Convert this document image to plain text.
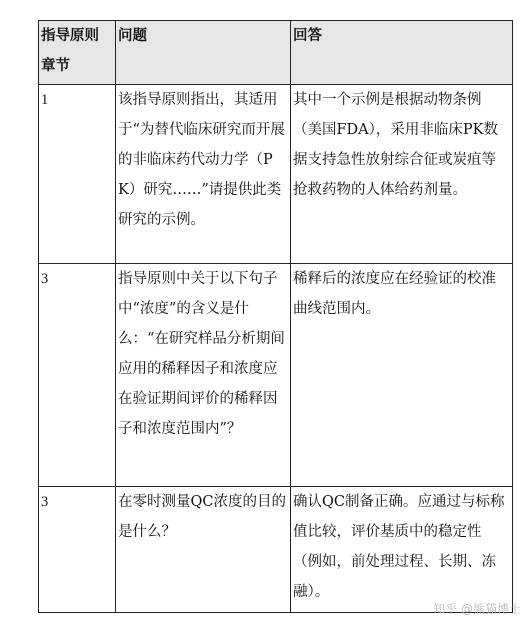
指导原则章节	问题	回答
1	该指导原则指出，其适用于“为替代临床研究而开展的非临床药代动力学（PK）研究……”请提供此类研究的示例。	其中一个示例是根据动物条例（美国FDA），采用非临床PK数据支持急性放射综合征或炭疽等抢救药物的人体给药剂量。
3	指导原则中关于以下句子中“浓度”的含义是什么：“在研究样品分析期间应用的稀释因子和浓度应在验证期间评价的稀释因子和浓度范围内”？	稀释后的浓度应在经验证的校准曲线范围内。
3	在零时测量QC浓度的目的是什么？	确认QC制备正确。应通过与标称值比较，评价基质中的稳定性（例如，前处理过程、长期、冻融）。
知乎 @熊猫博士
